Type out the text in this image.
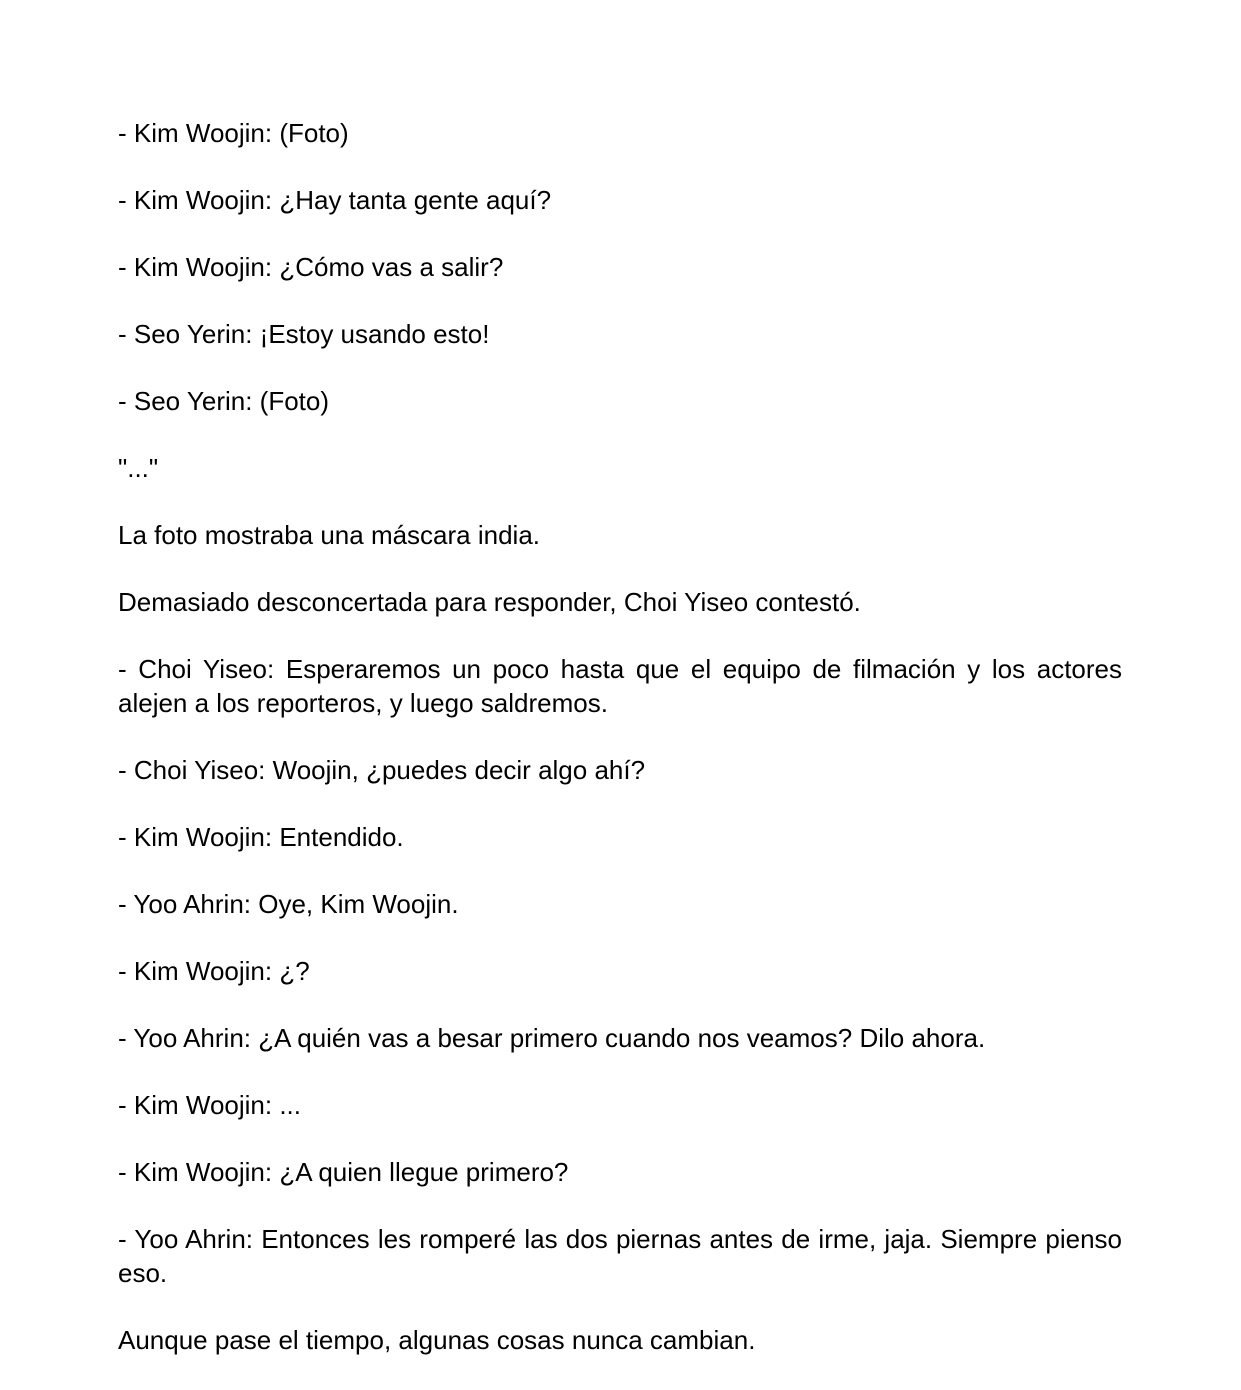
- Kim Woojin: (Foto)

- Kim Woojin: ¿Hay tanta gente aquí?

- Kim Woojin: ¿Cómo vas a salir?

- Seo Yerin: ¡Estoy usando esto!

- Seo Yerin: (Foto)

"..."

La foto mostraba una máscara india.

Demasiado desconcertada para responder, Choi Yiseo contestó.

- Choi Yiseo: Esperaremos un poco hasta que el equipo de filmación y los actores alejen a los reporteros, y luego saldremos.

- Choi Yiseo: Woojin, ¿puedes decir algo ahí?

- Kim Woojin: Entendido.

- Yoo Ahrin: Oye, Kim Woojin.

- Kim Woojin: ¿?

- Yoo Ahrin: ¿A quién vas a besar primero cuando nos veamos? Dilo ahora.

- Kim Woojin: ...

- Kim Woojin: ¿A quien llegue primero?

- Yoo Ahrin: Entonces les romperé las dos piernas antes de irme, jaja. Siempre pienso eso.

Aunque pase el tiempo, algunas cosas nunca cambian.
